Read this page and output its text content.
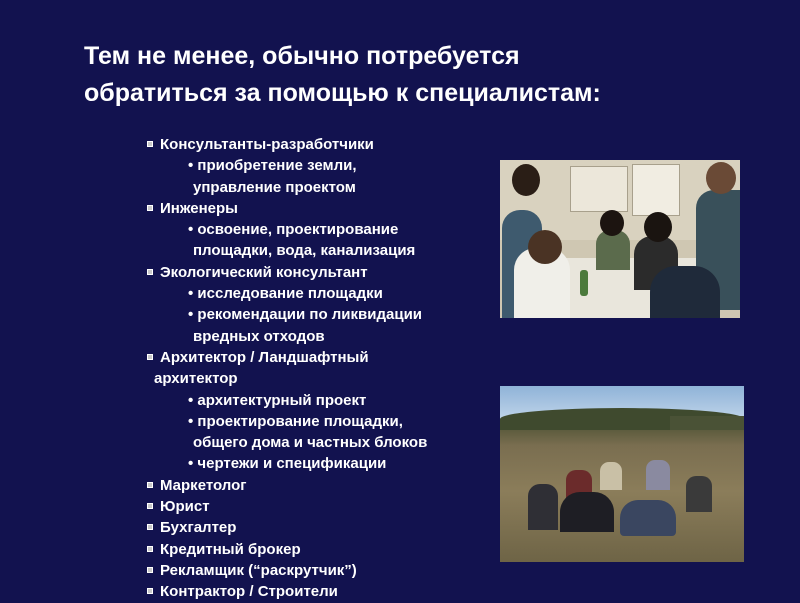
Тем не менее, обычно потребуется
обратиться за помощью к специалистам:
Консультанты-разработчики
• приобретение земли,
управление проектом
Инженеры
• освоение, проектирование
площадки, вода, канализация
Экологический консультант
• исследование площадки
• рекомендации по ликвидации
вредных отходов
Архитектор / Ландшафтный
архитектор
• архитектурный проект
• проектирование площадки,
общего дома и частных блоков
• чертежи и спецификации
Маркетолог
Юрист
Бухгалтер
Кредитный брокер
Рекламщик (“раскрутчик”)
Контрактор / Строители
